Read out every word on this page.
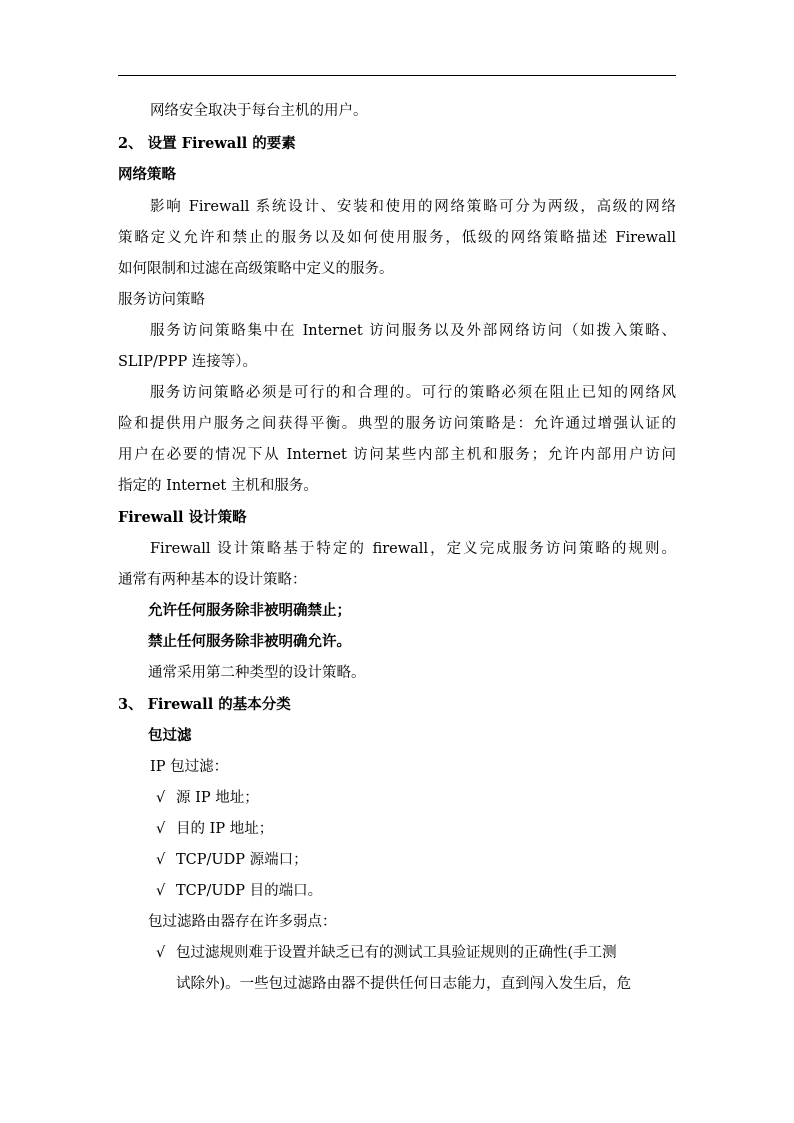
网络安全取决于每台主机的用户。
2、 设置 Firewall 的要素
网络策略
影响 Firewall 系统设计、安装和使用的网络策略可分为两级，高级的网络
策略定义允许和禁止的服务以及如何使用服务，低级的网络策略描述 Firewall
如何限制和过滤在高级策略中定义的服务。
服务访问策略
服务访问策略集中在 Internet 访问服务以及外部网络访问（如拨入策略、
SLIP/PPP 连接等）。
服务访问策略必须是可行的和合理的。可行的策略必须在阻止已知的网络风
险和提供用户服务之间获得平衡。典型的服务访问策略是：允许通过增强认证的
用户在必要的情况下从 Internet 访问某些内部主机和服务；允许内部用户访问
指定的 Internet 主机和服务。
Firewall 设计策略
Firewall 设计策略基于特定的 firewall，定义完成服务访问策略的规则。
通常有两种基本的设计策略：
允许任何服务除非被明确禁止；
禁止任何服务除非被明确允许。
通常采用第二种类型的设计策略。
3、 Firewall 的基本分类
包过滤
IP 包过滤：
√ 源 IP 地址；
√ 目的 IP 地址；
√ TCP/UDP 源端口；
√ TCP/UDP 目的端口。
包过滤路由器存在许多弱点：
√ 包过滤规则难于设置并缺乏已有的测试工具验证规则的正确性(手工测
试除外)。一些包过滤路由器不提供任何日志能力，直到闯入发生后，危
